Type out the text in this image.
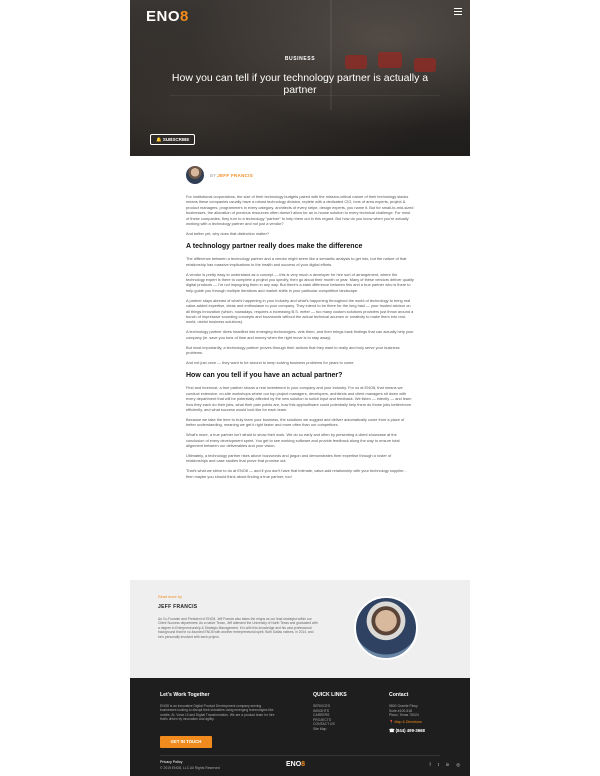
ENO8
BUSINESS
How you can tell if your technology partner is actually a partner
🔔 SUBSCRIBE
BY JEFF FRANCIS

For institutional corporations, the size of their technology budgets paired with the mission-critical nature of their technology stacks means these companies usually have a robust technology division, replete with a dedicated CIO, tons of area experts, project & product managers, programmers in every category, architects of every stripe, design experts, you name it. But for small-to-mid-sized businesses, the allocation of precious resources often doesn't allow for an in-house solution to every technical challenge. For most of these companies, they turn to a technology "partner" to help them out in this regard. But how do you know when you're actually working with a technology partner and not just a vendor?

And better yet, why does that distinction matter?

A technology partner really does make the difference

The difference between a technology partner and a vendor might seem like a semantic analysis to get into, but the nature of that relationship has massive implications to the health and success of your digital efforts.

A vendor is pretty easy to understand as a concept — this is very much a developer for hire sort of arrangement, where the technology expert is there to complete a project you specify, then go about their month or year. Many of these vendors deliver quality digital products — I'm not impugning them in any way. But there's a stark difference between this and a true partner who is there to help guide you through multiple iterations and market shifts in your particular competitive landscape.

A partner stays abreast of what's happening in your industry and what's happening throughout the world of technology to bring real value-added expertise, ideas and enthusiasm to your company. They intend to be there for the long haul — your trusted advisor on all things innovation (which, nowadays, requires a increasing B.S. meter — too many custom solutions providers just throw around a bunch of impressive sounding concepts and buzzwords without the actual technical acumen or creativity to make them into real-world, useful business solutions).

A technology partner dives headfirst into emerging technologies, vets them, and then brings back findings that can actually help your company (ie. save you tons of time and money when the right move is to stay away).

But most importantly, a technology partner proves through their actions that they want to really and truly serve your business problems.

And not just once — they want to be around to keep solving business problems for years to come.

How can you tell if you have an actual partner?

First and foremost, a true partner shows a real investment in your company and your industry. For us at ENO8, that means we conduct extensive, on-site workshops where our top project managers, developers, architects and client managers sit down with every department that will be potentially affected by the new solution to solicit input and feedback. We listen — intently — and learn how they each do their jobs, what their pain points are, how this app/software could potentially help them do those jobs better/more efficiently, and what success would look like for each team.

Because we take the time to truly learn your business, the solutions we suggest and deliver automatically come from a place of better understanding, meaning we get it right faster and more often than our competitors.

What's more, a true partner isn't afraid to show their work. We do so early and often by presenting a client showcase at the conclusion of every development sprint. You get to see working software and provide feedback along the way to ensure total alignment between our deliverables and your vision.

Ultimately, a technology partner rises above buzzwords and jargon and demonstrates their expertise through a roster of relationships and case studies that prove that promise out.

That's what we strive to do at ENO8 — and if you don't have that intimate, value-add relationship with your technology supplier... then maybe you should think about finding a true partner, too!

Read more by
JEFF FRANCIS
As Co-Founder and President of ENO8, Jeff Francis also takes the reigns as our lead strategist within our Client Success department. As a native Texan, Jeff attended the University of North Texas and graduated with a degree in Entrepreneurship & Strategic Management. It is with this knowledge and his vast professional background that he co-founded ENO8 with another entrepreneurial spirit. Both Dallas natives, in 2014, and he's personally involved with each project.
Let's Work Together
ENO8 is an innovative Digital Product Development company serving businesses looking to disrupt their industries using emerging technologies like mobile, AI, Voice UI and Digital Transformation. We are a product team for hire that's driven by innovation and agility.
GET IN TOUCH
QUICK LINKS
SERVICES
INSIGHTS
CAREERS
PROJECTS
CONTACT US
Site Map
Contact
5800 Granite Pkwy
Suite #100-518
Plano, Texas 75024
📍 Map & Directions
☎ (844) 499-3668
Privacy Policy
© 2019 ENO8, LLC All Rights Reserved	ENO8	f t in ◎
